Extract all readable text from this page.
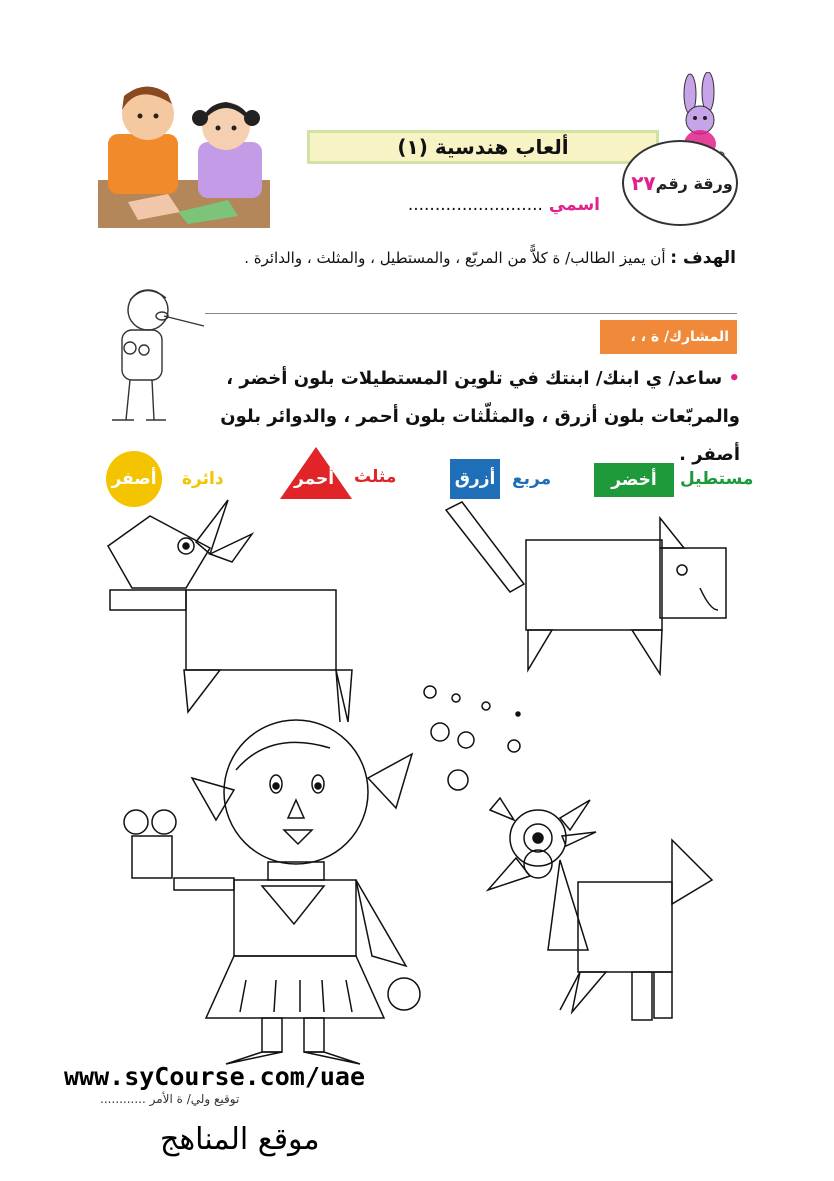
ألعاب هندسية (١)
ورقة رقم
٢٧
اسمي .........................
الهدف : أن يميز الطالب/ ة كلاًّ من المربّع ، والمستطيل ، والمثلث ، والدائرة .
المشارك/ ة ، ،
• ساعد/ ي ابنك/ ابنتك في تلوين المستطيلات بلون أخضر ،
والمربّعات بلون أزرق ، والمثلّثات بلون أحمر ، والدوائر بلون أصفر .
مستطيل
أخضر
مربع
أزرق
مثلث
أحمر
دائرة
أصفر
توقيع ولي/ ة الأمر ............
www.syCourse.com/uae
موقع المناهج
